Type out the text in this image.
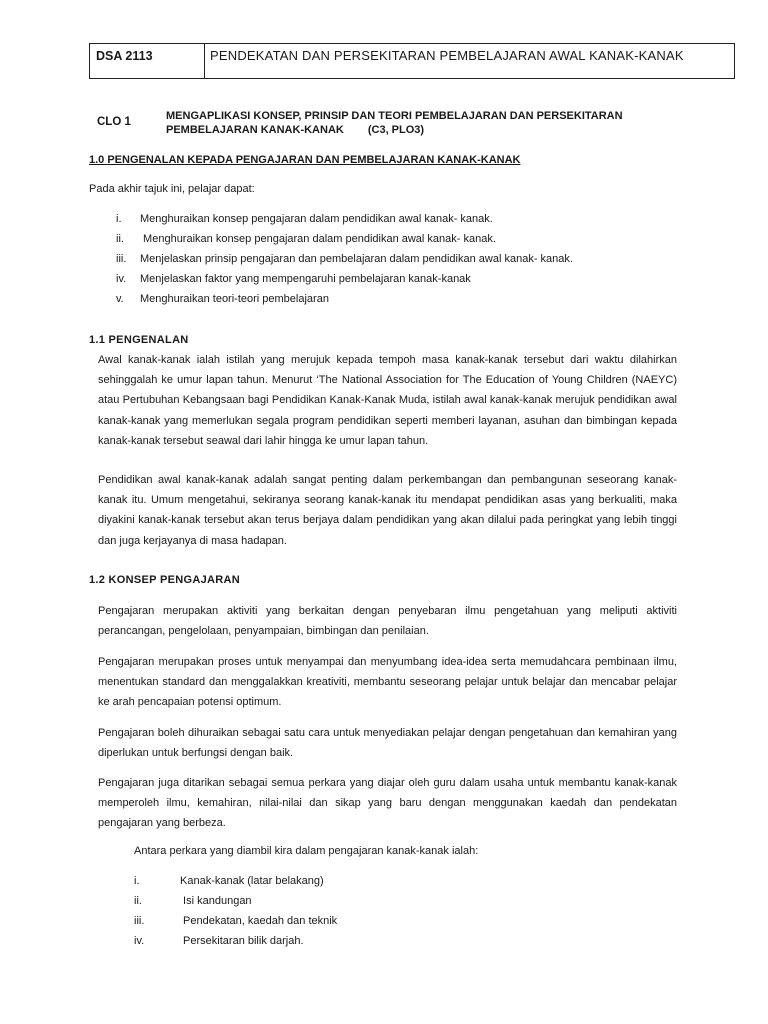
DSA 2113	PENDEKATAN DAN PERSEKITARAN PEMBELAJARAN AWAL KANAK-KANAK
CLO 1	MENGAPLIKASI KONSEP, PRINSIP DAN TEORI PEMBELAJARAN DAN PERSEKITARAN
PEMBELAJARAN KANAK-KANAK (C3, PLO3)
1.0 PENGENALAN KEPADA PENGAJARAN DAN PEMBELAJARAN KANAK-KANAK
Pada akhir tajuk ini, pelajar dapat:
i.	Menghuraikan konsep pengajaran dalam pendidikan awal kanak- kanak.
ii.	Menghuraikan konsep pengajaran dalam pendidikan awal kanak- kanak.
iii.	Menjelaskan prinsip pengajaran dan pembelajaran dalam pendidikan awal kanak- kanak.
iv.	Menjelaskan faktor yang mempengaruhi pembelajaran kanak-kanak
v.	Menghuraikan teori-teori pembelajaran
1.1 PENGENALAN
Awal kanak-kanak ialah istilah yang merujuk kepada tempoh masa kanak-kanak tersebut dari waktu dilahirkan sehinggalah ke umur lapan tahun. Menurut ‘The National Association for The Education of Young Children (NAEYC) atau Pertubuhan Kebangsaan bagi Pendidikan Kanak-Kanak Muda, istilah awal kanak-kanak merujuk pendidikan awal kanak-kanak yang memerlukan segala program pendidikan seperti memberi layanan, asuhan dan bimbingan kepada kanak-kanak tersebut seawal dari lahir hingga ke umur lapan tahun.
Pendidikan awal kanak-kanak adalah sangat penting dalam perkembangan dan pembangunan seseorang kanak-kanak itu. Umum mengetahui, sekiranya seorang kanak-kanak itu mendapat pendidikan asas yang berkualiti, maka diyakini kanak-kanak tersebut akan terus berjaya dalam pendidikan yang akan dilalui pada peringkat yang lebih tinggi dan juga kerjayanya di masa hadapan.
1.2 KONSEP PENGAJARAN
Pengajaran merupakan aktiviti yang berkaitan dengan penyebaran ilmu pengetahuan yang meliputi aktiviti perancangan, pengelolaan, penyampaian, bimbingan dan penilaian.
Pengajaran merupakan proses untuk menyampai dan menyumbang idea-idea serta memudahcara pembinaan ilmu, menentukan standard dan menggalakkan kreativiti, membantu seseorang pelajar untuk belajar dan mencabar pelajar ke arah pencapaian potensi optimum.
Pengajaran boleh dihuraikan sebagai satu cara untuk menyediakan pelajar dengan pengetahuan dan kemahiran yang diperlukan untuk berfungsi dengan baik.
Pengajaran juga ditarikan sebagai semua perkara yang diajar oleh guru dalam usaha untuk membantu kanak-kanak memperoleh ilmu, kemahiran, nilai-nilai dan sikap yang baru dengan menggunakan kaedah dan pendekatan pengajaran yang berbeza.
Antara perkara yang diambil kira dalam pengajaran kanak-kanak ialah:
i.	Kanak-kanak (latar belakang)
ii.	Isi kandungan
iii.	Pendekatan, kaedah dan teknik
iv.	Persekitaran bilik darjah.
